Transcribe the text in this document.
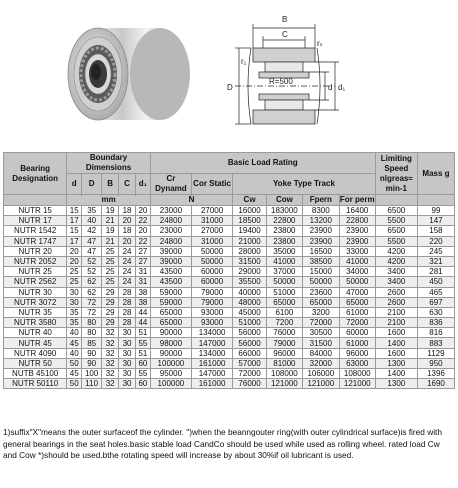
B
C
rₛ
r₁
D	d d₁
R=500
Bearing Designation	Boundary Dimensions					Basic Load Rating						Limiting Speed nlgreas≈ min-1	Mass g
	d	D	B	C	d₁	Cr Dynamd	Cor Static	Yoke Type Track					

	mm					N		Cw	Cow	Fpern	For perm		
NUTR 15	15	35	19	18	20	23000	27000	16000	183000	8300	16400	6500	99
NUTR 17	17	40	21	20	22	24800	31000	18500	22800	13200	22800	5500	147
NUTR 1542	15	42	19	18	20	23000	27000	19400	23800	23900	23900	6500	158
NUTR 1747	17	47	21	20	22	24800	31000	21000	23800	23900	23900	5500	220
NUTR 20	20	47	25	24	27	39000	50000	28000	35000	16500	33000	4200	245
NUTR 2052	20	52	25	24	27	39000	50000	31500	41000	38500	41000	4200	321
NUTR 25	25	52	25	24	31	43500	60000	29000	37000	15000	34000	3400	281
NUTR 2562	25	62	25	24	31	43500	60000	35500	50000	50000	50000	3400	450
NUTR 30	30	62	29	28	38	59000	79000	40000	51000	23600	47000	2600	465
NUTR 3072	30	72	29	28	38	59000	79000	48000	65000	65000	65000	2600	697
NUTR 35	35	72	29	28	44	65000	93000	45000	6100	3200	61000	2100	630
NUTR 3580	35	80	29	28	44	65000	93000	51000	7200	72000	72000	2100	836
NUTR 40	40	80	32	30	51	90000	134000	56000	76000	30500	60000	1600	816
NUTR 45	45	85	32	30	55	98000	147000	56000	79000	31500	61000	1400	883
NUTR 4090	40	90	32	30	51	90000	134000	66000	96000	84000	96000	1600	1129
NUTR 50	50	90	32	30	60	100000	161000	57000	81000	32000	63000	1300	950
NUTB 45100	45	100	32	30	55	95000	147000	72000	108000	106000	108000	1400	1396
NUTR 50110	50	110	32	30	60	100000	161000	76000	121000	121000	121000	1300	1690
1)suffix"X"means the outer surfaceof the cylinder. ")when the beanngouter ring(with outer cylindrical surface)is fired with general bearings in the seat holes.basic stable load CandCo should be used while used as rolling wheel. rated load Cw and Cow *)should be used.bthe rotating speed will increase by about 30%if oil lubricant is used.
